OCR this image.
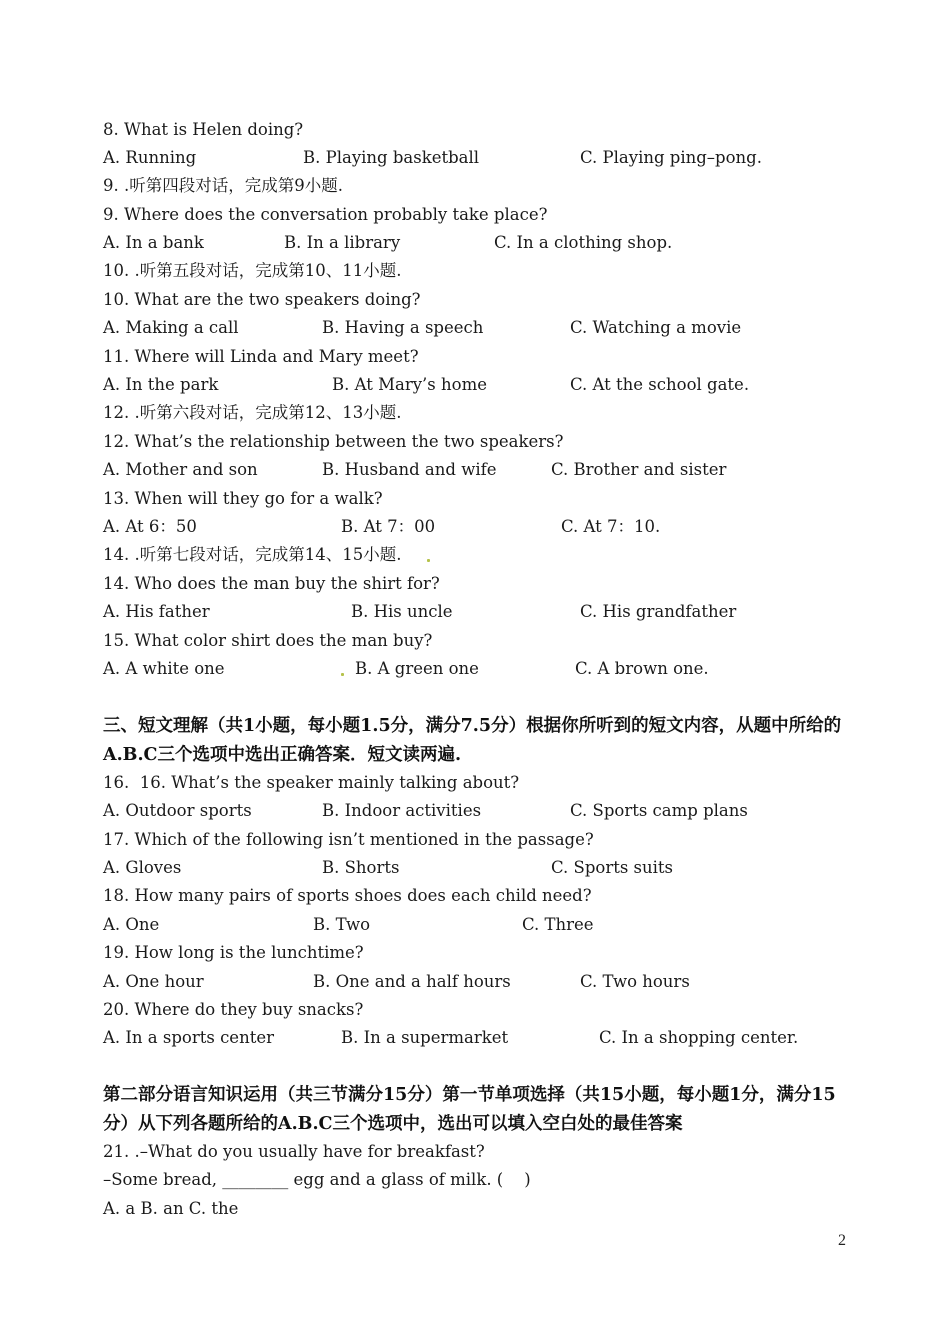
8. What is Helen doing?
A. Running	B. Playing basketball	C. Playing ping–pong.
9. .听第四段对话，完成第9小题.
9. Where does the conversation probably take place?
A. In a bank	B. In a library	C. In a clothing shop.
10. .听第五段对话，完成第10、11小题.
10. What are the two speakers doing?
A. Making a call	B. Having a speech	C. Watching a movie
11. Where will Linda and Mary meet?
A. In the park	B. At Mary’s home	C. At the school gate.
12. .听第六段对话，完成第12、13小题.
12. What’s the relationship between the two speakers?
A. Mother and son	B. Husband and wife	C. Brother and sister
13. When will they go for a walk?
A. At 6：50	B. At 7：00	C. At 7：10.
14. .听第七段对话，完成第14、15小题.
14. Who does the man buy the shirt for?
A. His father	B. His uncle	C. His grandfather
15. What color shirt does the man buy?
A. A white one	B. A green one	C. A brown one.
16.  16. What’s the speaker mainly talking about?
A. Outdoor sports	B. Indoor activities	C. Sports camp plans
17. Which of the following isn’t mentioned in the passage?
A. Gloves	B. Shorts	C. Sports suits
18. How many pairs of sports shoes does each child need?
A. One	B. Two	C. Three
19. How long is the lunchtime?
A. One hour	B. One and a half hours	C. Two hours
20. Where do they buy snacks?
A. In a sports center	B. In a supermarket	C. In a shopping center.
21. .–What do you usually have for breakfast?
–Some bread, ________ egg and a glass of milk. (    )
A. a B. an C. the
三、短文理解（共1小题，每小题1.5分，满分7.5分）根据你所听到的短文内容，从题中所给的A.B.C三个选项中选出正确答案．短文读两遍.
第二部分语言知识运用（共三节满分15分）第一节单项选择（共15小题，每小题1分，满分15分）从下列各题所给的A.B.C三个选项中，选出可以填入空白处的最佳答案
2
